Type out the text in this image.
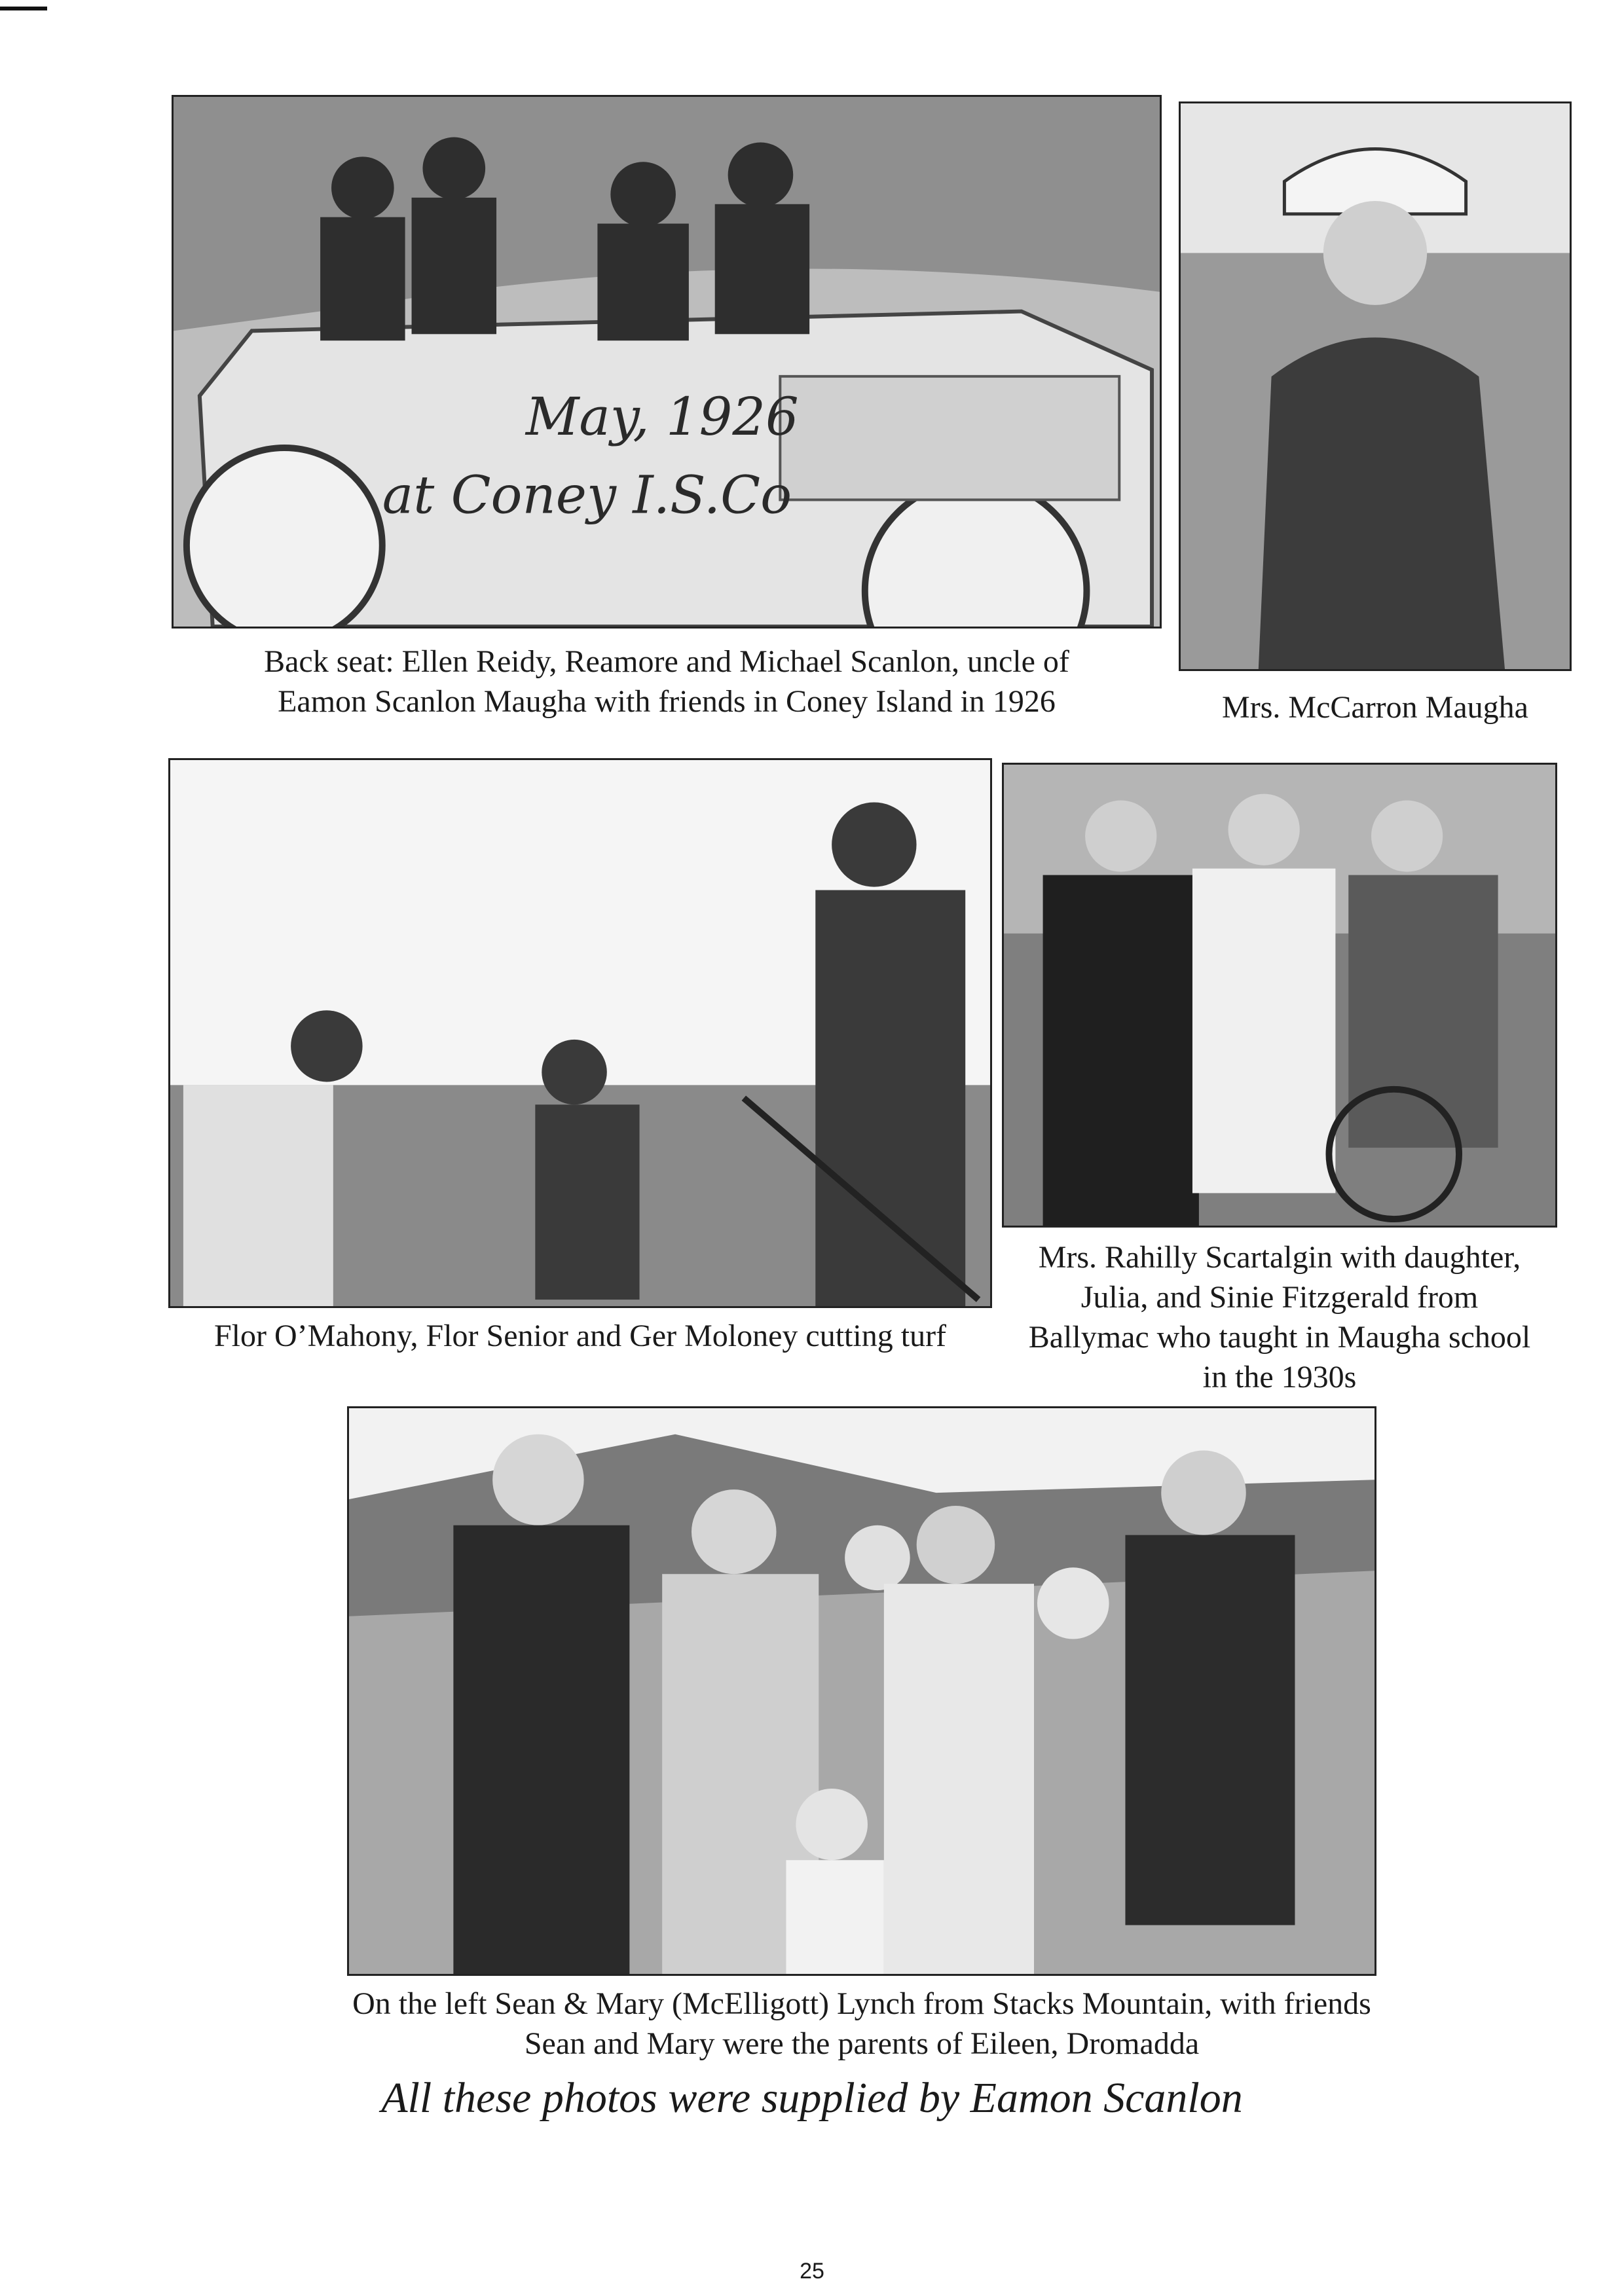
May, 1926
at Coney I.S.Co
Back seat: Ellen Reidy, Reamore and Michael Scanlon, uncle of
Eamon Scanlon Maugha with friends in Coney Island in 1926	Mrs. McCarron Maugha
Flor O’Mahony, Flor Senior and Ger Moloney cutting turf
Mrs. Rahilly Scartalgin with daughter,
Julia, and Sinie Fitzgerald from
Ballymac who taught in Maugha school
in the 1930s
On the left Sean & Mary (McElligott) Lynch from Stacks Mountain, with friends
Sean and Mary were the parents of Eileen, Dromadda
All these photos were supplied by Eamon Scanlon
25
